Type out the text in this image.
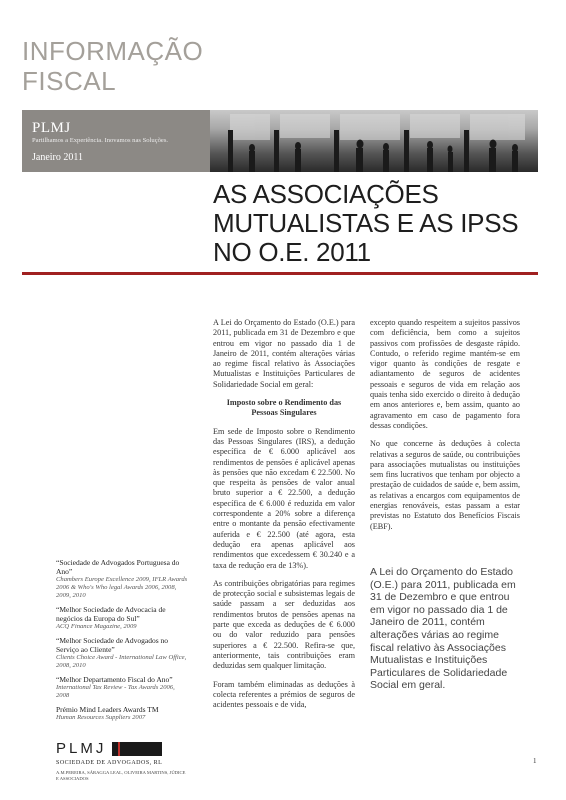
INFORMAÇÃO
FISCAL
PLMJ
Partilhamos a Experiência. Inovamos nas Soluções.
Janeiro 2011
AS ASSOCIAÇÕES
MUTUALISTAS E AS IPSS
NO O.E. 2011

A Lei do Orçamento do Estado (O.E.) para 2011, publicada em 31 de Dezembro e que entrou em vigor no passado dia 1 de Janeiro de 2011, contém alterações várias ao regime fiscal relativo às Associações Mutualistas e Instituições Particulares de Solidariedade Social em geral:

Imposto sobre o Rendimento das Pessoas Singulares

Em sede de Imposto sobre o Rendimento das Pessoas Singulares (IRS), a dedução específica de € 6.000 aplicável aos rendimentos de pensões é aplicável apenas às pensões que não excedam € 22.500. No que respeita às pensões de valor anual bruto superior a € 22.500, a dedução específica de € 6.000 é reduzida em valor correspondente a 20% sobre a diferença entre o montante da pensão efectivamente auferida e € 22.500 (até agora, esta dedução era apenas aplicável aos rendimentos que excedessem € 30.240 e a taxa de redução era de 13%).

As contribuições obrigatórias para regimes de protecção social e subsistemas legais de saúde passam a ser deduzidas aos rendimentos brutos de pensões apenas na parte que exceda as deduções de € 6.000 ou do valor reduzido para pensões superiores a € 22.500. Refira-se que, anteriormente, tais contribuições eram deduzidas sem qualquer limitação.

Foram também eliminadas as deduções à colecta referentes a prémios de seguros de acidentes pessoais e de vida,

excepto quando respeitem a sujeitos passivos com deficiência, bem como a sujeitos passivos com profissões de desgaste rápido. Contudo, o referido regime mantém-se em vigor quanto às condições de resgate e adiantamento de seguros de acidentes pessoais e seguros de vida em relação aos quais tenha sido exercido o direito à dedução em anos anteriores e, bem assim, quanto ao agravamento em caso de pagamento fora dessas condições.

No que concerne às deduções à colecta relativas a seguros de saúde, ou contribuições para associações mutualistas ou instituições sem fins lucrativos que tenham por objecto a prestação de cuidados de saúde e, bem assim, as relativas a encargos com equipamentos de energias renováveis, estas passam a estar previstas no Estatuto dos Benefícios Fiscais (EBF).

A Lei do Orçamento do Estado (O.E.) para 2011, publicada em 31 de Dezembro e que entrou em vigor no passado dia 1 de Janeiro de 2011, contém alterações várias ao regime fiscal relativo às Associações Mutualistas e Instituições Particulares de Solidariedade Social em geral.
“Sociedade de Advogados Portuguesa do Ano”
Chambers Europe Excellence 2009, IFLR Awards 2006 & Who's Who legal Awards 2006, 2008, 2009, 2010
“Melhor Sociedade de Advocacia de negócios da Europa do Sul”
ACQ Finance Magazine, 2009
“Melhor Sociedade de Advogados no Serviço ao Cliente”
Clients Choice Award - International Law Office, 2008, 2010
“Melhor Departamento Fiscal do Ano”
International Tax Review - Tax Awards 2006, 2008
Prémio Mind Leaders Awards TM
Human Resources Suppliers 2007
PLMJ
SOCIEDADE DE ADVOGADOS, RL
A.M.PEREIRA, SÁRAGGA LEAL, OLIVEIRA MARTINS, JÚDICE E ASSOCIADOS
1
